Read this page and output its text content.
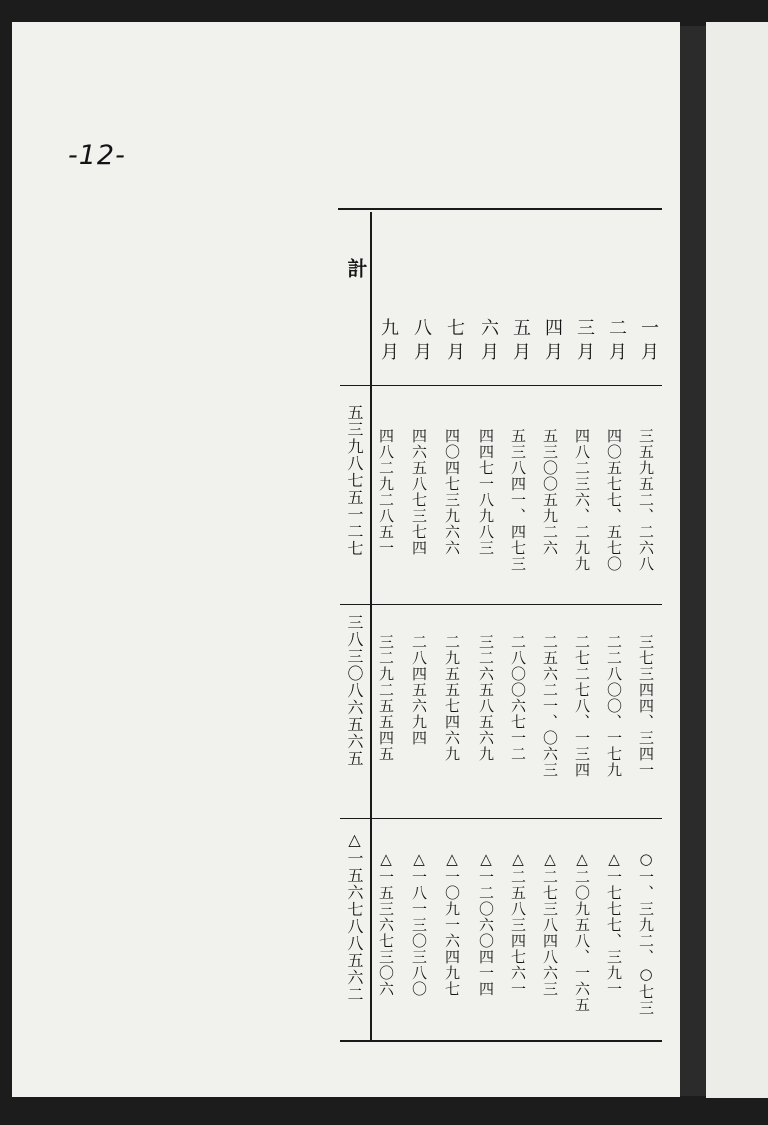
-12-
計
一月
三五九五二、二六八
三七三四四、三四一
○一、三九二、○七三
二月
四〇五七七、五七〇
二二八〇〇、一七九
△一七七七、三九一
三月
四八二三六、二九九
二七二七八、一三四
△二〇九五八、一六五
四月
五三〇〇五九二六
二五六二一、〇六三
△二七三八四八六三
五月
五三八四一、四七三
二八〇〇六七一二
△二五八三四七六一
六月
四四七一八九八三
三二六五八五六九
△一二〇六〇四一四
七月
四〇四七三九六六
二九五五七四六九
△一〇九一六四九七
八月
四六五八七三七四
二八四五六九四
△一八一三〇三八〇
九月
四八二九二八五一
三二九二五五四五
△一五三六七三〇六
五三九八七五一二七
三八三〇八六五六五
△一五六七八八五六二
